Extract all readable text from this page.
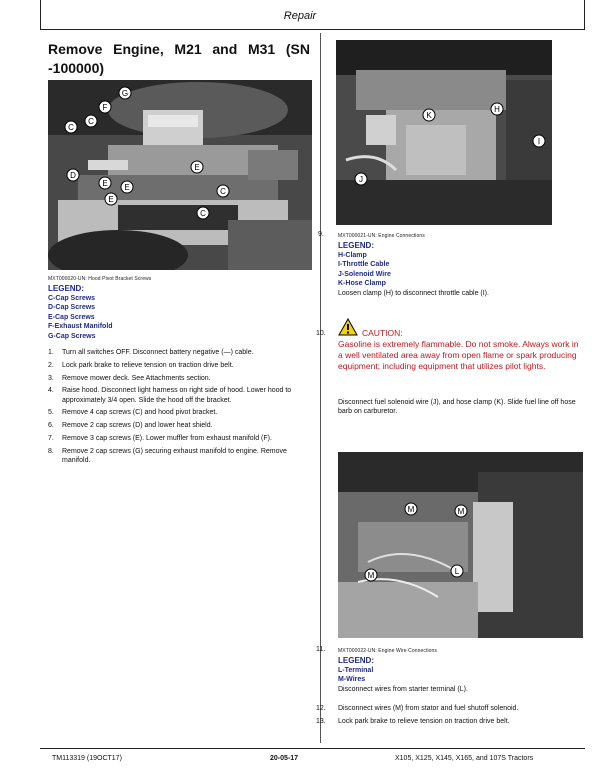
Repair
Remove Engine, M21 and M31 (SN
-100000)
G
F
C
C
D
E
E
E
E
C
C
MXT000020-UN: Hood Pivot Bracket Screws
LEGEND:
C-Cap Screws
D-Cap Screws
E-Cap Screws
F-Exhaust Manifold
G-Cap Screws
1. Turn all switches OFF. Disconnect battery negative (—) cable.
2. Lock park brake to relieve tension on traction drive belt.
3. Remove mower deck. See Attachments section.
4. Raise hood. Disconnect light harness on right side of hood. Lower hood to approximately 3/4 open. Slide the hood off the bracket.
5. Remove 4 cap screws (C) and hood pivot bracket.
6. Remove 2 cap screws (D) and lower heat shield.
7. Remove 3 cap screws (E). Lower muffler from exhaust manifold (F).
8. Remove 2 cap screws (G) securing exhaust manifold to engine. Remove manifold.
K
H
I
J
9.	MXT000021-UN: Engine Connections
LEGEND:
H-Clamp
I-Throttle Cable
J-Solenoid Wire
K-Hose Clamp
Loosen clamp (H) to disconnect throttle cable (I).
10.	CAUTION:
Gasoline is extremely flammable. Do not smoke. Always work in a well ventilated area away from open flame or spark producing equipment; including equipment that utilizes pilot lights.
Disconnect fuel solenoid wire (J), and hose clamp (K). Slide fuel line off hose barb on carburetor.
M	M
L
M
11.	MXT000022-UN: Engine Wire Connections
LEGEND:
L-Terminal
M-Wires
Disconnect wires from starter terminal (L).
12. Disconnect wires (M) from stator and fuel shutoff solenoid.
13. Lock park brake to relieve tension on traction drive belt.
TM113319 (19OCT17)	20-05-17	X105, X125, X145, X165, and 107S Tractors
